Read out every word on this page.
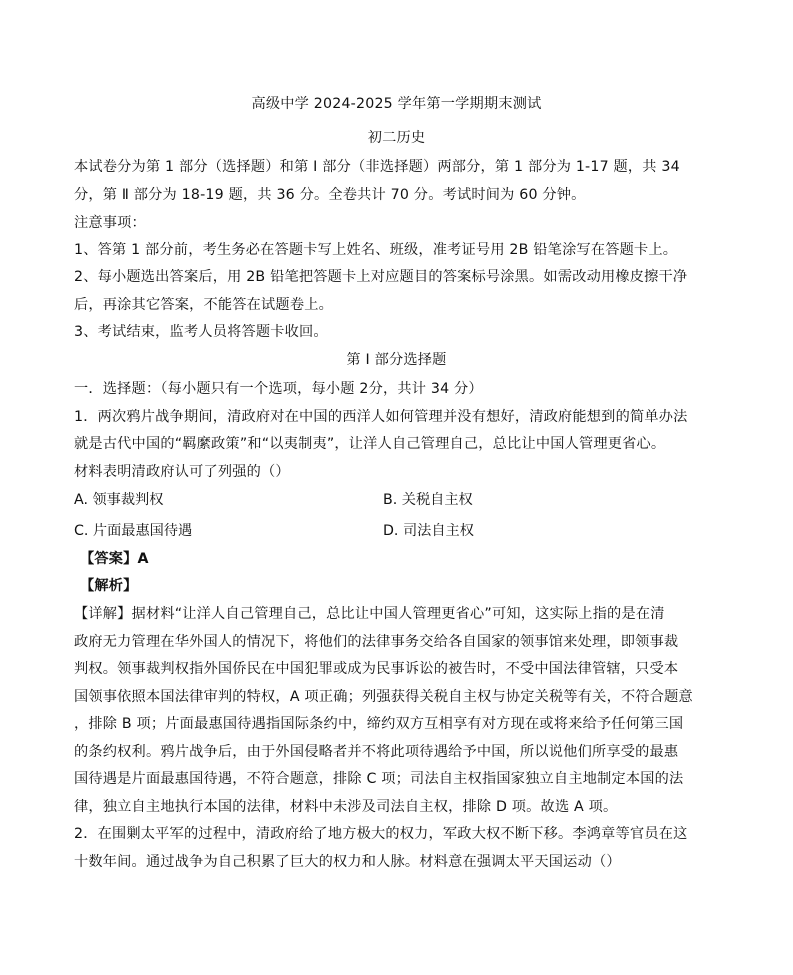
高级中学 2024-2025 学年第一学期期末测试
初二历史
本试卷分为第 1 部分（选择题）和第 Ⅰ 部分（非选择题）两部分，第 1 部分为 1-17 题，共 34
分，第 Ⅱ 部分为 18-19 题，共 36 分。全卷共计 70 分。考试时间为 60 分钟。
注意事项：
1、答第 1 部分前，考生务必在答题卡写上姓名、班级，准考证号用 2B 铅笔涂写在答题卡上。
2、每小题选出答案后，用 2B 铅笔把答题卡上对应题目的答案标号涂黑。如需改动用橡皮擦干净
后，再涂其它答案，不能答在试题卷上。
3、考试结束，监考人员将答题卡收回。
第 Ⅰ 部分选择题
一．选择题：（每小题只有一个选项，每小题 2分，共计 34 分）
1．两次鸦片战争期间，清政府对在中国的西洋人如何管理并没有想好，清政府能想到的简单办法
就是古代中国的“羁縻政策”和“以夷制夷”，让洋人自己管理自己，总比让中国人管理更省心。
材料表明清政府认可了列强的（）
A. 领事裁判权	B. 关税自主权
C. 片面最惠国待遇	D. 司法自主权
【答案】A
【解析】
【详解】据材料“让洋人自己管理自己，总比让中国人管理更省心”可知，这实际上指的是在清
政府无力管理在华外国人的情况下，将他们的法律事务交给各自国家的领事馆来处理，即领事裁
判权。领事裁判权指外国侨民在中国犯罪或成为民事诉讼的被告时，不受中国法律管辖，只受本
国领事依照本国法律审判的特权，A 项正确；列强获得关税自主权与协定关税等有关，不符合题意
，排除 B 项；片面最惠国待遇指国际条约中，缔约双方互相享有对方现在或将来给予任何第三国
的条约权利。鸦片战争后，由于外国侵略者并不将此项待遇给予中国，所以说他们所享受的最惠
国待遇是片面最惠国待遇，不符合题意，排除 C 项；司法自主权指国家独立自主地制定本国的法
律，独立自主地执行本国的法律，材料中未涉及司法自主权，排除 D 项。故选 A 项。
2．在围剿太平军的过程中，清政府给了地方极大的权力，军政大权不断下移。李鸿章等官员在这
十数年间。通过战争为自己积累了巨大的权力和人脉。材料意在强调太平天国运动（）
